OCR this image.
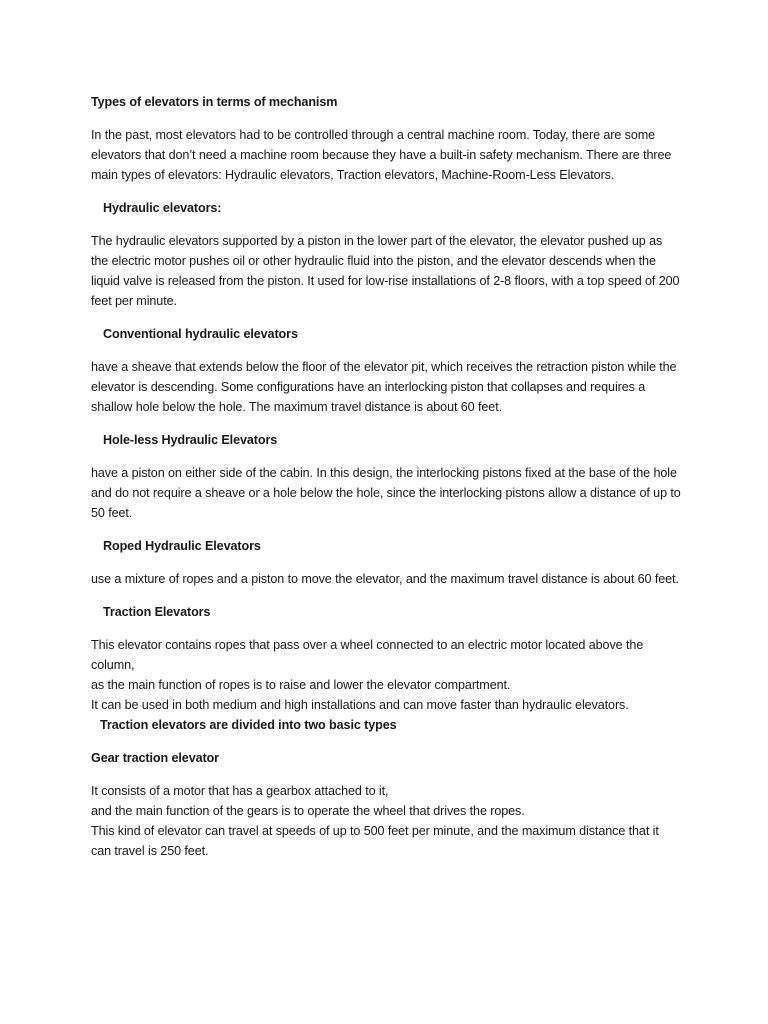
Types of elevators in terms of mechanism

In the past, most elevators had to be controlled through a central machine room. Today, there are some elevators that don’t need a machine room because they have a built-in safety mechanism. There are three main types of elevators: Hydraulic elevators, Traction elevators, Machine-Room-Less Elevators.

Hydraulic elevators:

The hydraulic elevators supported by a piston in the lower part of the elevator, the elevator pushed up as the electric motor pushes oil or other hydraulic fluid into the piston, and the elevator descends when the liquid valve is released from the piston. It used for low-rise installations of 2-8 floors, with a top speed of 200 feet per minute.

Conventional hydraulic elevators

have a sheave that extends below the floor of the elevator pit, which receives the retraction piston while the elevator is descending. Some configurations have an interlocking piston that collapses and requires a shallow hole below the hole. The maximum travel distance is about 60 feet.

Hole-less Hydraulic Elevators

have a piston on either side of the cabin. In this design, the interlocking pistons fixed at the base of the hole and do not require a sheave or a hole below the hole, since the interlocking pistons allow a distance of up to 50 feet.

Roped Hydraulic Elevators

use a mixture of ropes and a piston to move the elevator, and the maximum travel distance is about 60 feet.

Traction Elevators

This elevator contains ropes that pass over a wheel connected to an electric motor located above the column,

as the main function of ropes is to raise and lower the elevator compartment.

It can be used in both medium and high installations and can move faster than hydraulic elevators.

Traction elevators are divided into two basic types

Gear traction elevator

It consists of a motor that has a gearbox attached to it,

and the main function of the gears is to operate the wheel that drives the ropes.

This kind of elevator can travel at speeds of up to 500 feet per minute, and the maximum distance that it can travel is 250 feet.
